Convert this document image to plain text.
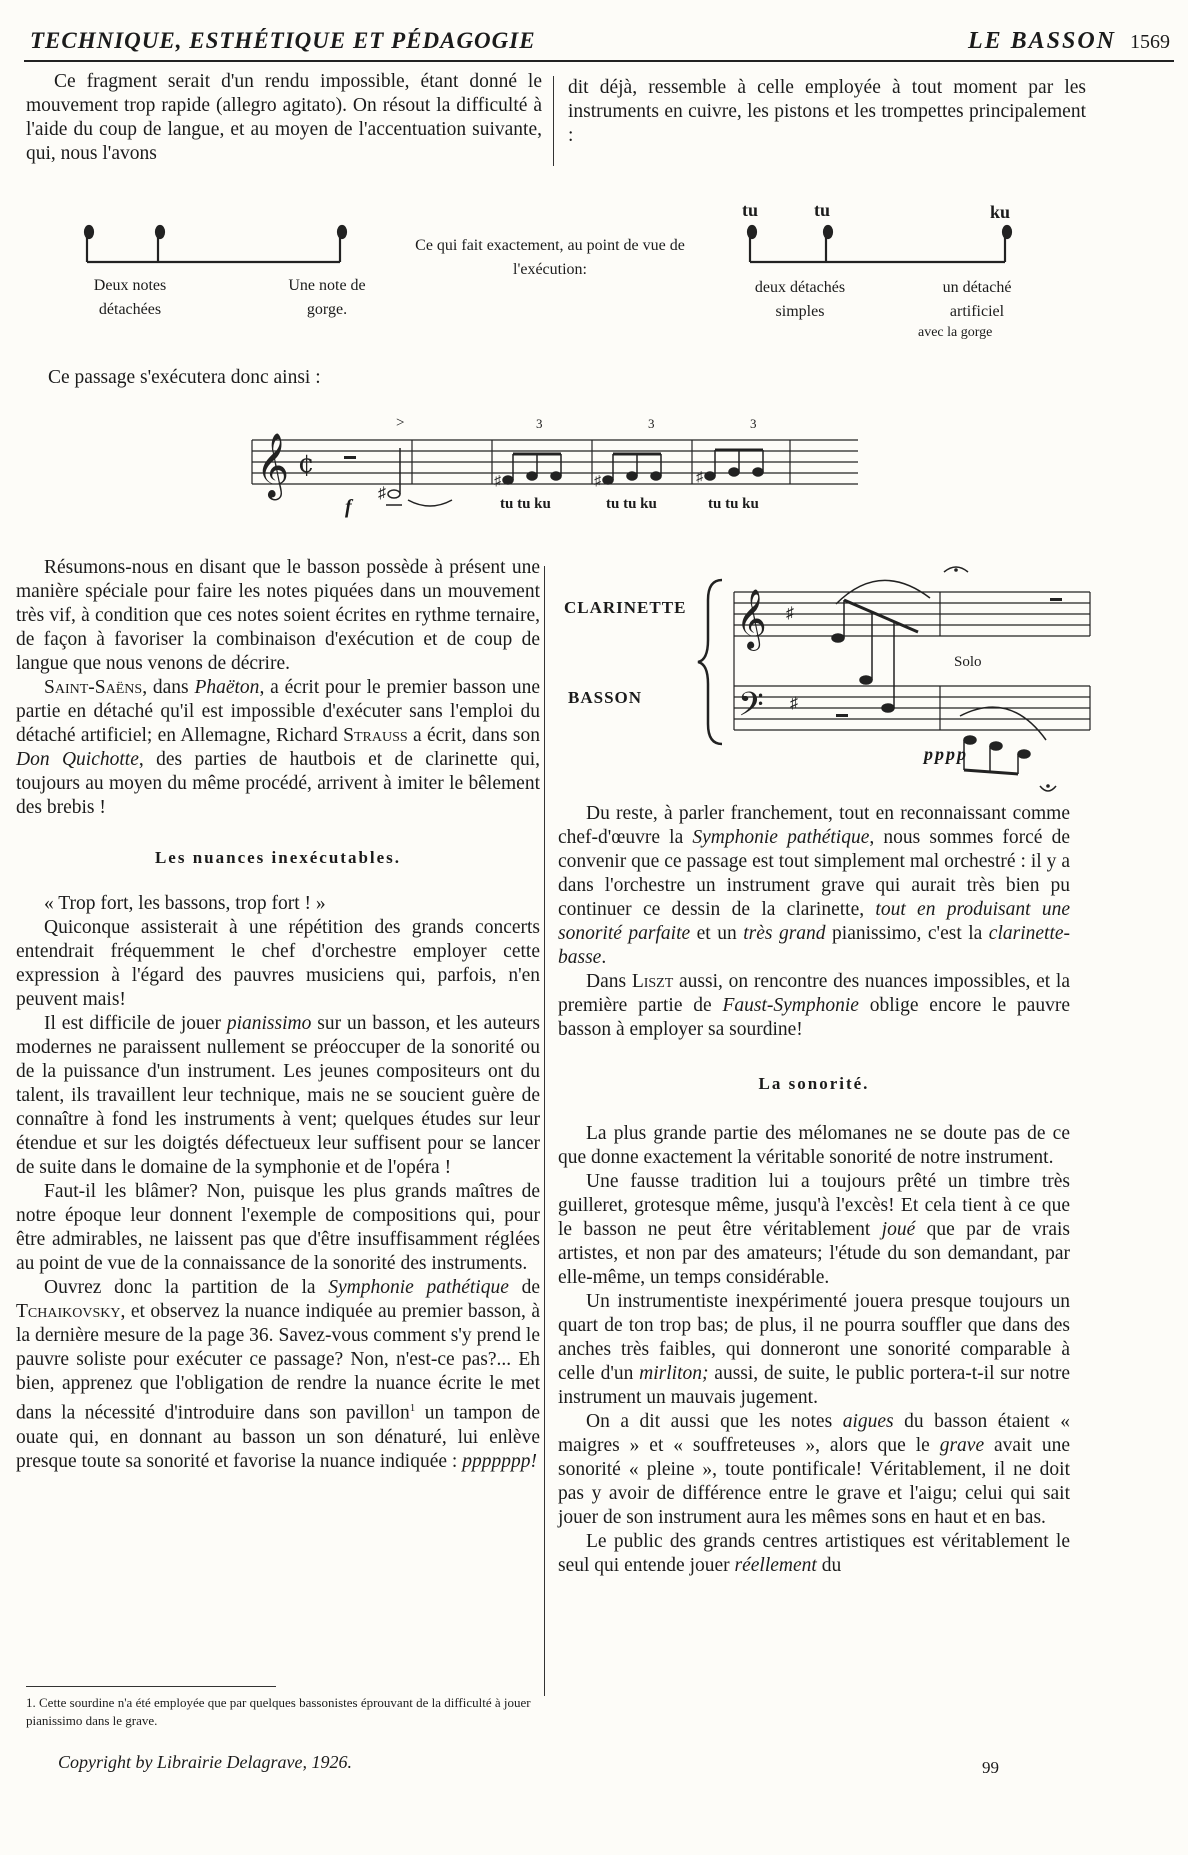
TECHNIQUE, ESTHÉTIQUE ET PÉDAGOGIE	LE BASSON 1569

Ce fragment serait d'un rendu impossible, étant donné le mouvement trop rapide (allegro agitato). On résout la difficulté à l'aide du coup de langue, et au moyen de l'accentuation suivante, qui, nous l'avons

dit déjà, ressemble à celle employée à tout moment par les instruments en cuivre, les pistons et les trompettes principalement :

Deux notes détachées
Une note de gorge.
Ce qui fait exactement, au point de vue de l'exécution:
tu	tu	ku
deux détachés simples
un détaché artificiel
avec la gorge
Ce passage s'exécutera donc ainsi :
𝄞 ¢
♯
♯	♯	♯
>	3	3	3
f	tu tu ku	tu tu ku	tu tu ku
CLARINETTE
BASSON
𝄞
𝄢
♯
♯
Solo
pppp

Résumons-nous en disant que le basson possède à présent une manière spéciale pour faire les notes piquées dans un mouvement très vif, à condition que ces notes soient écrites en rythme ternaire, de façon à favoriser la combinaison d'exécution et de coup de langue que nous venons de décrire.

Saint-Saëns, dans Phaëton, a écrit pour le premier basson une partie en détaché qu'il est impossible d'exécuter sans l'emploi du détaché artificiel; en Allemagne, Richard Strauss a écrit, dans son Don Quichotte, des parties de hautbois et de clarinette qui, toujours au moyen du même procédé, arrivent à imiter le bêlement des brebis !

Les nuances inexécutables.

« Trop fort, les bassons, trop fort ! »

Quiconque assisterait à une répétition des grands concerts entendrait fréquemment le chef d'orchestre employer cette expression à l'égard des pauvres musiciens qui, parfois, n'en peuvent mais!

Il est difficile de jouer pianissimo sur un basson, et les auteurs modernes ne paraissent nullement se préoccuper de la sonorité ou de la puissance d'un instrument. Les jeunes compositeurs ont du talent, ils travaillent leur technique, mais ne se soucient guère de connaître à fond les instruments à vent; quelques études sur leur étendue et sur les doigtés défectueux leur suffisent pour se lancer de suite dans le domaine de la symphonie et de l'opéra !

Faut-il les blâmer? Non, puisque les plus grands maîtres de notre époque leur donnent l'exemple de compositions qui, pour être admirables, ne laissent pas que d'être insuffisamment réglées au point de vue de la connaissance de la sonorité des instruments.

Ouvrez donc la partition de la Symphonie pathétique de Tchaikovsky, et observez la nuance indiquée au premier basson, à la dernière mesure de la page 36. Savez-vous comment s'y prend le pauvre soliste pour exécuter ce passage? Non, n'est-ce pas?... Eh bien, apprenez que l'obligation de rendre la nuance écrite le met dans la nécessité d'introduire dans son pavillon$^1$ un tampon de ouate qui, en donnant au basson un son dénaturé, lui enlève presque toute sa sonorité et favorise la nuance indiquée : ppppppp!

1. Cette sourdine n'a été employée que par quelques bassonistes éprouvant de la difficulté à jouer pianissimo dans le grave.

Du reste, à parler franchement, tout en reconnaissant comme chef-d'œuvre la Symphonie pathétique, nous sommes forcé de convenir que ce passage est tout simplement mal orchestré : il y a dans l'orchestre un instrument grave qui aurait très bien pu continuer ce dessin de la clarinette, tout en produisant une sonorité parfaite et un très grand pianissimo, c'est la clarinette-basse.

Dans Liszt aussi, on rencontre des nuances impossibles, et la première partie de Faust-Symphonie oblige encore le pauvre basson à employer sa sourdine!

La sonorité.

La plus grande partie des mélomanes ne se doute pas de ce que donne exactement la véritable sonorité de notre instrument.

Une fausse tradition lui a toujours prêté un timbre très guilleret, grotesque même, jusqu'à l'excès! Et cela tient à ce que le basson ne peut être véritablement joué que par de vrais artistes, et non par des amateurs; l'étude du son demandant, par elle-même, un temps considérable.

Un instrumentiste inexpérimenté jouera presque toujours un quart de ton trop bas; de plus, il ne pourra souffler que dans des anches très faibles, qui donneront une sonorité comparable à celle d'un mirliton; aussi, de suite, le public portera-t-il sur notre instrument un mauvais jugement.

On a dit aussi que les notes aigues du basson étaient « maigres » et « souffreteuses », alors que le grave avait une sonorité « pleine », toute pontificale! Véritablement, il ne doit pas y avoir de différence entre le grave et l'aigu; celui qui sait jouer de son instrument aura les mêmes sons en haut et en bas.

Le public des grands centres artistiques est véritablement le seul qui entende jouer réellement du

Copyright by Librairie Delagrave, 1926.	99
